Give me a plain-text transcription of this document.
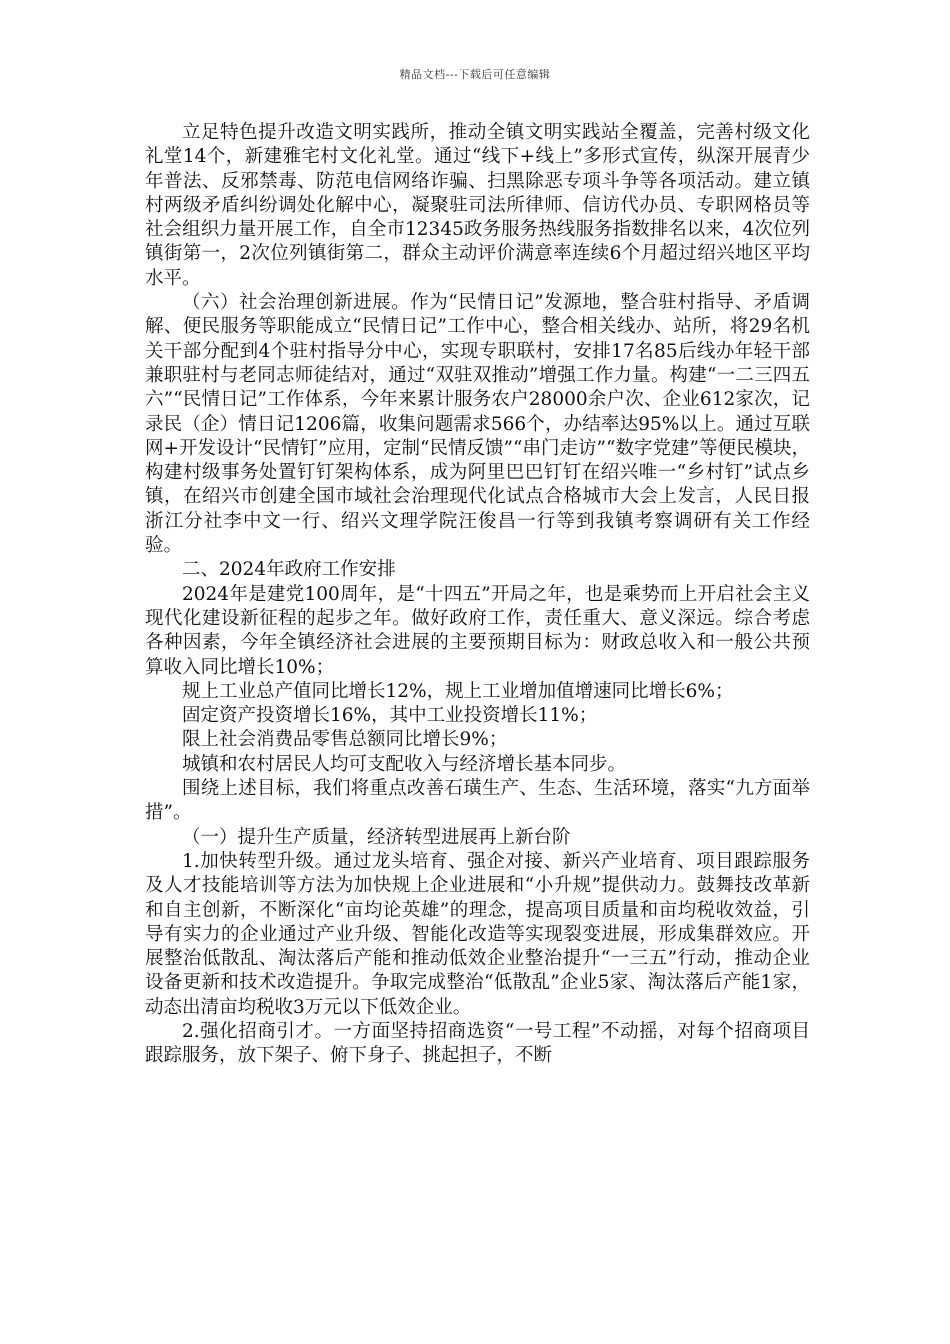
精品文档---下载后可任意编辑

立足特色提升改造文明实践所，推动全镇文明实践站全覆盖，完善村级文化礼堂14个，新建雅宅村文化礼堂。通过“线下+线上”多形式宣传，纵深开展青少年普法、反邪禁毒、防范电信网络诈骗、扫黑除恶专项斗争等各项活动。建立镇村两级矛盾纠纷调处化解中心，凝聚驻司法所律师、信访代办员、专职网格员等社会组织力量开展工作，自全市12345政务服务热线服务指数排名以来，4次位列镇街第一，2次位列镇街第二，群众主动评价满意率连续6个月超过绍兴地区平均水平。

（六）社会治理创新进展。作为“民情日记”发源地，整合驻村指导、矛盾调解、便民服务等职能成立“民情日记”工作中心，整合相关线办、站所，将29名机关干部分配到4个驻村指导分中心，实现专职联村，安排17名85后线办年轻干部兼职驻村与老同志师徒结对，通过“双驻双推动”增强工作力量。构建“一二三四五六”“民情日记”工作体系，今年来累计服务农户28000余户次、企业612家次，记录民（企）情日记1206篇，收集问题需求566个，办结率达95%以上。通过互联网+开发设计“民情钉”应用，定制“民情反馈”“串门走访”“数字党建”等便民模块，构建村级事务处置钉钉架构体系，成为阿里巴巴钉钉在绍兴唯一“乡村钉”试点乡镇，在绍兴市创建全国市域社会治理现代化试点合格城市大会上发言，人民日报浙江分社李中文一行、绍兴文理学院汪俊昌一行等到我镇考察调研有关工作经验。

二、2024年政府工作安排

2024年是建党100周年，是“十四五”开局之年，也是乘势而上开启社会主义现代化建设新征程的起步之年。做好政府工作，责任重大、意义深远。综合考虑各种因素，今年全镇经济社会进展的主要预期目标为：财政总收入和一般公共预算收入同比增长10%；

规上工业总产值同比增长12%，规上工业增加值增速同比增长6%；

固定资产投资增长16%，其中工业投资增长11%；

限上社会消费品零售总额同比增长9%；

城镇和农村居民人均可支配收入与经济增长基本同步。

围绕上述目标，我们将重点改善石璜生产、生态、生活环境，落实“九方面举措”。

（一）提升生产质量，经济转型进展再上新台阶

1.加快转型升级。通过龙头培育、强企对接、新兴产业培育、项目跟踪服务及人才技能培训等方法为加快规上企业进展和“小升规”提供动力。鼓舞技改革新和自主创新，不断深化“亩均论英雄”的理念，提高项目质量和亩均税收效益，引导有实力的企业通过产业升级、智能化改造等实现裂变进展，形成集群效应。开展整治低散乱、淘汰落后产能和推动低效企业整治提升“一三五”行动，推动企业设备更新和技术改造提升。争取完成整治“低散乱”企业5家、淘汰落后产能1家，动态出清亩均税收3万元以下低效企业。

2.强化招商引才。一方面坚持招商选资“一号工程”不动摇，对每个招商项目跟踪服务，放下架子、俯下身子、挑起担子，不断
